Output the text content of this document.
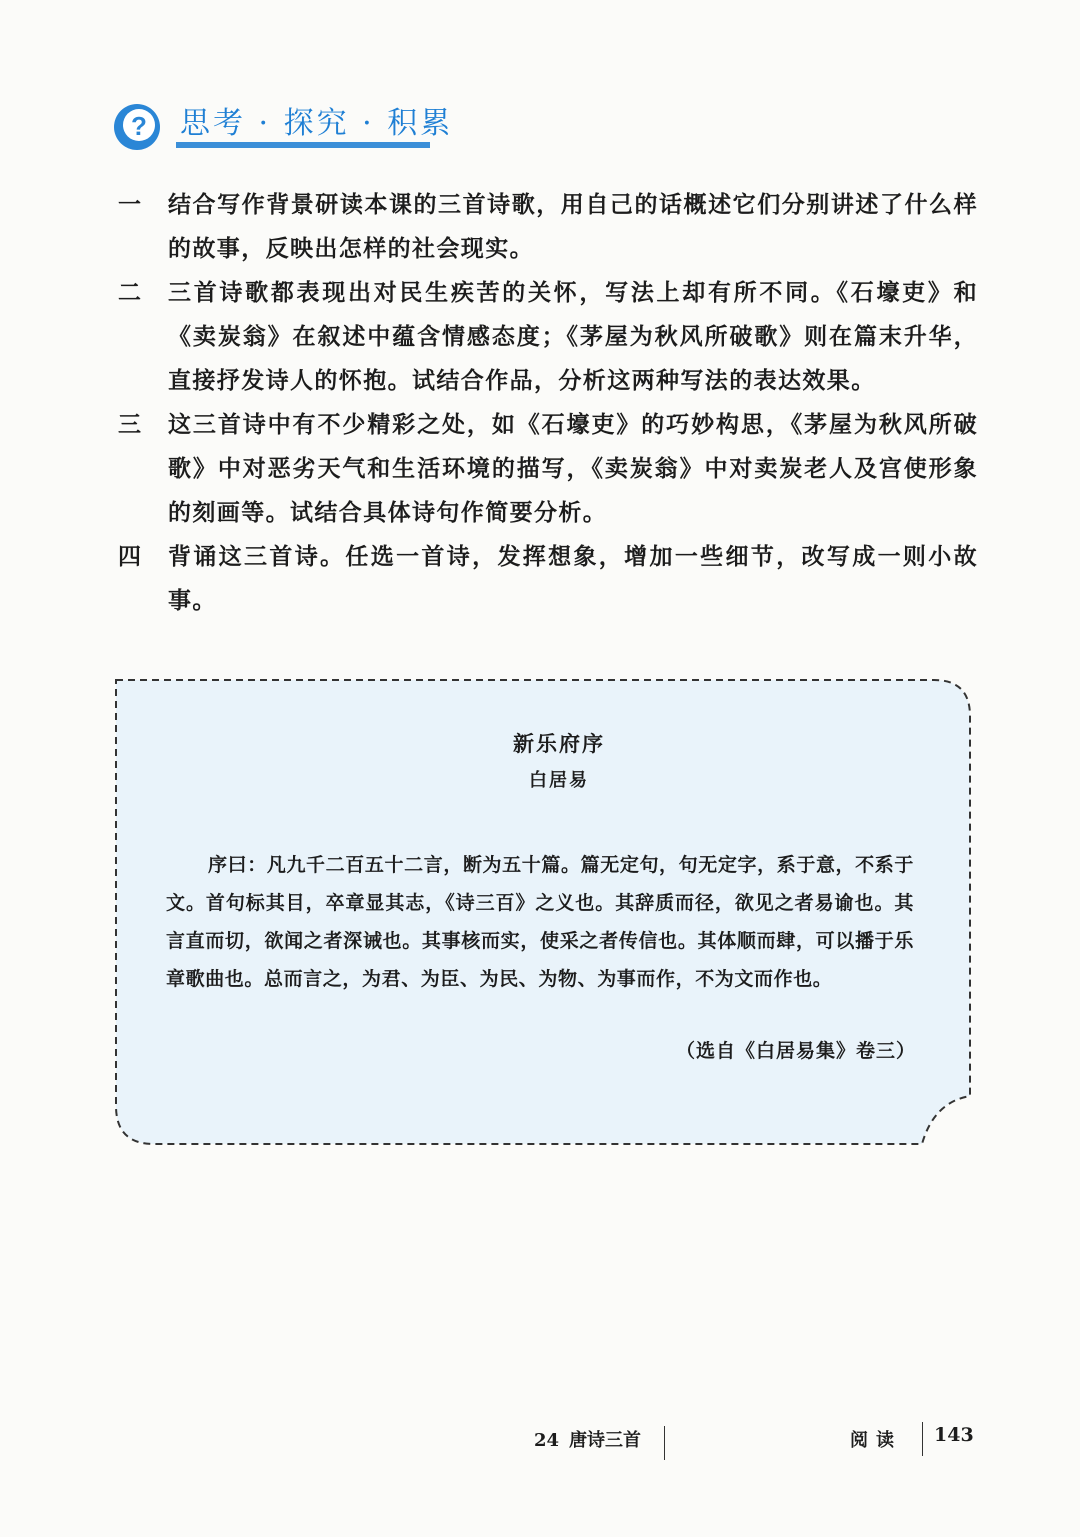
? 思考 · 探究 · 积累
一 结合写作背景研读本课的三首诗歌，用自己的话概述它们分别讲述了什么样的故事，反映出怎样的社会现实。
二 三首诗歌都表现出对民生疾苦的关怀，写法上却有所不同。《石壕吏》和《卖炭翁》在叙述中蕴含情感态度；《茅屋为秋风所破歌》则在篇末升华，直接抒发诗人的怀抱。试结合作品，分析这两种写法的表达效果。
三 这三首诗中有不少精彩之处，如《石壕吏》的巧妙构思，《茅屋为秋风所破歌》中对恶劣天气和生活环境的描写，《卖炭翁》中对卖炭老人及宫使形象的刻画等。试结合具体诗句作简要分析。
四 背诵这三首诗。任选一首诗，发挥想象，增加一些细节，改写成一则小故事。
新乐府序
白居易

序曰：凡九千二百五十二言，断为五十篇。篇无定句，句无定字，系于意，不系于文。首句标其目，卒章显其志，《诗三百》之义也。其辞质而径，欲见之者易谕也。其言直而切，欲闻之者深诫也。其事核而实，使采之者传信也。其体顺而肆，可以播于乐章歌曲也。总而言之，为君、为臣、为民、为物、为事而作，不为文而作也。

（选自《白居易集》卷三）
24 唐诗三首	阅读 143
